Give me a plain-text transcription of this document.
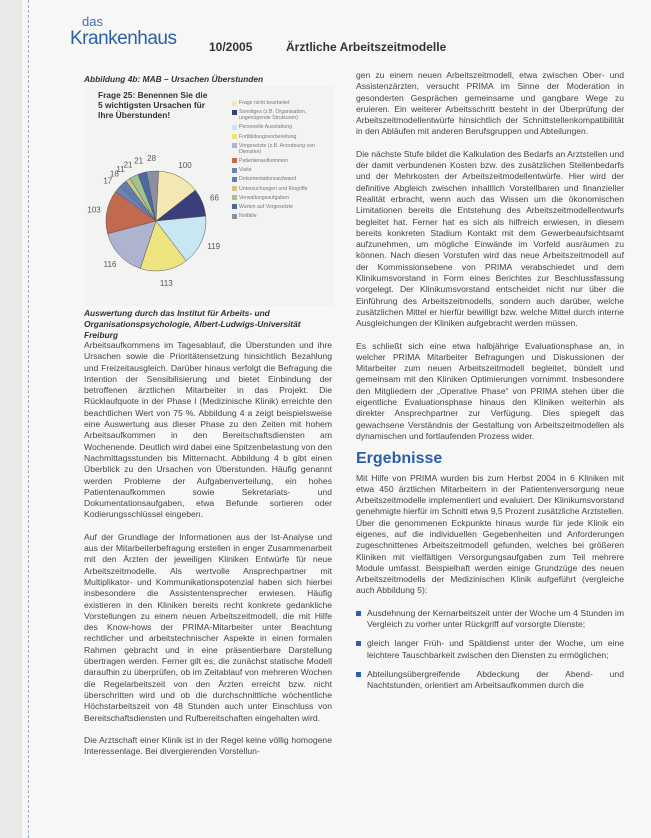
das
Krankenhaus	10/2005	Ärztliche Arbeitszeitmodelle
Abbildung 4b: MAB – Ursachen Überstunden
Frage 25: Benennen Sie die 5 wichtigsten Ursachen für Ihre Überstunden!
100
66
119
113
116
103
17
18
11
21 21 28
Frage nicht bearbeitet
Sonstiges (z.B. Organisation, ungenügende Strukturen)
Personelle Ausstattung
Fortbildungsvorbereitung
Vorgesetzte (z.B. Anordnung von Diensten)
Patientenaufkommen
Visite
Dokumentationsaufwand
Untersuchungen und Eingriffe
Verwaltungsaufgaben
Warten auf Vorgesetzte
Notfälle
Auswertung durch das Institut für Arbeits- und Organisationspsychologie, Albert-Ludwigs-Universität Freiburg

Arbeitsaufkommens im Tagesablauf, die Überstunden und ihre Ursachen sowie die Prioritätensetzung hinsichtlich Bezahlung und Freizeitausgleich. Darüber hinaus verfolgt die Befragung die Intention der Sensibilisierung und bietet Einbindung der betroffenen ärztlichen Mitarbeiter in das Projekt. Die Rücklaufquote in der Phase I (Medizinische Klinik) erreichte den beachtlichen Wert von 75 %. Abbildung 4 a zeigt beispielsweise eine Auswertung aus dieser Phase zu den Zeiten mit hohem Arbeitsaufkommen in den Bereitschaftsdiensten am Wochenende. Deutlich wird dabei eine Spitzenbelastung von den Nachmittagsstunden bis Mitternacht. Abbildung 4 b gibt einen Überblick zu den Ursachen von Überstunden. Häufig genannt werden Probleme der Aufgabenverteilung, ein hohes Patientenaufkommen sowie Sekretariats- und Dokumentationsaufgaben, etwa Befunde sortieren oder Kodierungsschlüssel eingeben.

Auf der Grundlage der Informationen aus der Ist-Analyse und aus der Mitarbeiterbefragung erstellen in enger Zusammenarbeit mit den Ärzten der jeweiligen Kliniken Entwürfe für neue Arbeitszeitmodelle. Als wertvolle Ansprechpartner mit Multiplikator- und Kommunikationspotenzial haben sich hierbei insbesondere die Assistentensprecher erwiesen. Häufig existieren in den Kliniken bereits recht konkrete gedankliche Vorstellungen zu einem neuen Arbeitszeitmodell, die mit Hilfe des Know-hows der PRIMA-Mitarbeiter unter Beachtung rechtlicher und arbeitstechnischer Aspekte in einen formalen Rahmen gebracht und in eine präsentierbare Darstellung übertragen werden. Ferner gilt es, die zunächst statische Modell daraufhin zu überprüfen, ob im Zeitablauf von mehreren Wochen die Regelarbeitszeit von den Ärzten erreicht bzw. nicht überschritten wird und ob die durchschnittliche wöchentliche Höchstarbeitszeit von 48 Stunden auch unter Einschluss von Bereitschaftsdiensten und Rufbereitschaften eingehalten wird.

Die Arztschaft einer Klinik ist in der Regel keine völlig homogene Interessenlage. Bei divergierenden Vorstellun-

gen zu einem neuen Arbeitszeitmodell, etwa zwischen Ober- und Assistenzärzten, versucht PRIMA im Sinne der Moderation in gesonderten Gesprächen gemeinsame und gangbare Wege zu eruieren. Ein weiterer Arbeitsschritt besteht in der Überprüfung der Arbeitszeitmodellentwürfe hinsichtlich der Schnittstellenkompatibilität in den Abläufen mit anderen Berufsgruppen und Abteilungen.

Die nächste Stufe bildet die Kalkulation des Bedarfs an Arztstellen und der damit verbundenen Kosten bzw. des zusätzlichen Stellenbedarfs und der Mehrkosten der Arbeitszeitmodellentwürfe. Hier wird der definitive Abgleich zwischen inhaltlich Vorstellbaren und finanzieller Realität erbracht, wenn auch das Wissen um die ökonomischen Limitationen bereits die Entstehung des Arbeitszeitmodellentwurfs begleitet hat. Ferner hat es sich als hilfreich erwiesen, in diesem bereits konkreten Stadium Kontakt mit dem Gewerbeaufsichtsamt aufzunehmen, um mögliche Einwände im Vorfeld ausräumen zu können. Nach diesen Vorstufen wird das neue Arbeitszeitmodell auf der Kommissionsebene von PRIMA verabschiedet und dem Klinikumsvorstand in Form eines Berichtes zur Beschlussfassung vorgelegt. Der Klinikumsvorstand entscheidet nicht nur über die Einführung des Arbeitszeitmodells, sondern auch darüber, welche zusätzlichen Mittel er hierfür bewilligt bzw. welche Mittel durch interne Ausgleichungen der Kliniken aufgebracht werden müssen.

Es schließt sich eine etwa halbjährige Evaluationsphase an, in welcher PRIMA Mitarbeiter Befragungen und Diskussionen der Mitarbeiter zum neuen Arbeitszeitmodell begleitet, bündelt und gemeinsam mit den Kliniken Optimierungen vornimmt. Insbesondere den Mitgliedern der „Operative Phase“ von PRIMA stehen über die eigentliche Evaluationsphase hinaus den Kliniken weiterhin als direkter Ansprechpartner zur Verfügung. Dies spiegelt das gewachsene Verständnis der Gestaltung von Arbeitszeitmodellen als dynamischen und fortlaufenden Prozess wider.

Ergebnisse

Mit Hilfe von PRIMA wurden bis zum Herbst 2004 in 6 Kliniken mit etwa 450 ärztlichen Mitarbeitern in der Patientenversorgung neue Arbeitszeitmodelle implementiert und evaluiert. Der Klinikumsvorstand genehmigte hierfür im Schnitt etwa 9,5 Prozent zusätzliche Arztstellen. Über die genommenen Eckpunkte hinaus wurde für jede Klinik ein eigenes, auf die individuellen Gegebenheiten und Anforderungen zugeschnittenes Arbeitszeitmodell gefunden, welches bei größeren Kliniken mit vielfältigen Versorgungsaufgaben zum Teil mehrere Module umfasst. Beispielhaft werden einige Grundzüge des neuen Arbeitszeitmodells der Medizinischen Klinik aufgeführt (vergleiche auch Abbildung 5):

Ausdehnung der Kernarbeitszeit unter der Woche um 4 Stunden im Vergleich zu vorher unter Rückgriff auf vorsorgte Dienste;
gleich langer Früh- und Spätdienst unter der Woche, um eine leichtere Tauschbarkeit zwischen den Diensten zu ermöglichen;
Abteilungsübergreifende Abdeckung der Abend- und Nachtstunden, orientiert am Arbeitsaufkommen durch die
